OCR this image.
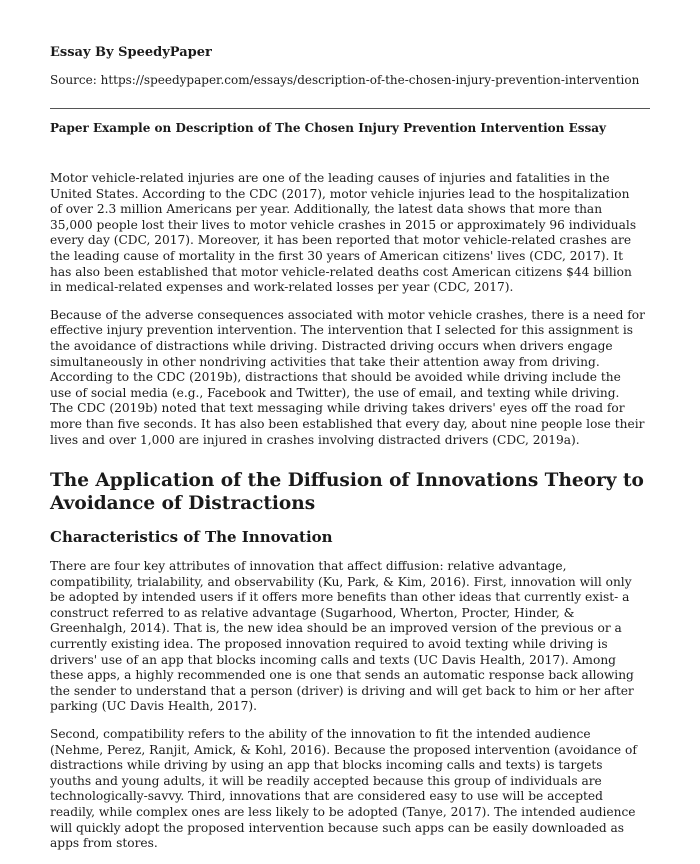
Essay By SpeedyPaper

Source: https://speedypaper.com/essays/description-of-the-chosen-injury-prevention-intervention

Paper Example on Description of The Chosen Injury Prevention Intervention Essay

Motor vehicle-related injuries are one of the leading causes of injuries and fatalities in the United States. According to the CDC (2017), motor vehicle injuries lead to the hospitalization of over 2.3 million Americans per year. Additionally, the latest data shows that more than 35,000 people lost their lives to motor vehicle crashes in 2015 or approximately 96 individuals every day (CDC, 2017). Moreover, it has been reported that motor vehicle-related crashes are the leading cause of mortality in the first 30 years of American citizens' lives (CDC, 2017). It has also been established that motor vehicle-related deaths cost American citizens $44 billion in medical-related expenses and work-related losses per year (CDC, 2017).

Because of the adverse consequences associated with motor vehicle crashes, there is a need for effective injury prevention intervention. The intervention that I selected for this assignment is the avoidance of distractions while driving. Distracted driving occurs when drivers engage simultaneously in other nondriving activities that take their attention away from driving. According to the CDC (2019b), distractions that should be avoided while driving include the use of social media (e.g., Facebook and Twitter), the use of email, and texting while driving. The CDC (2019b) noted that text messaging while driving takes drivers' eyes off the road for more than five seconds. It has also been established that every day, about nine people lose their lives and over 1,000 are injured in crashes involving distracted drivers (CDC, 2019a).

The Application of the Diffusion of Innovations Theory to Avoidance of Distractions
Characteristics of The Innovation

There are four key attributes of innovation that affect diffusion: relative advantage, compatibility, trialability, and observability (Ku, Park, & Kim, 2016). First, innovation will only be adopted by intended users if it offers more benefits than other ideas that currently exist- a construct referred to as relative advantage (Sugarhood, Wherton, Procter, Hinder, & Greenhalgh, 2014). That is, the new idea should be an improved version of the previous or a currently existing idea. The proposed innovation required to avoid texting while driving is drivers' use of an app that blocks incoming calls and texts (UC Davis Health, 2017). Among these apps, a highly recommended one is one that sends an automatic response back allowing the sender to understand that a person (driver) is driving and will get back to him or her after parking (UC Davis Health, 2017).

Second, compatibility refers to the ability of the innovation to fit the intended audience (Nehme, Perez, Ranjit, Amick, & Kohl, 2016). Because the proposed intervention (avoidance of distractions while driving by using an app that blocks incoming calls and texts) is targets youths and young adults, it will be readily accepted because this group of individuals are technologically-savvy. Third, innovations that are considered easy to use will be accepted readily, while complex ones are less likely to be adopted (Tanye, 2017). The intended audience will quickly adopt the proposed intervention because such apps can be easily downloaded as apps from stores.
